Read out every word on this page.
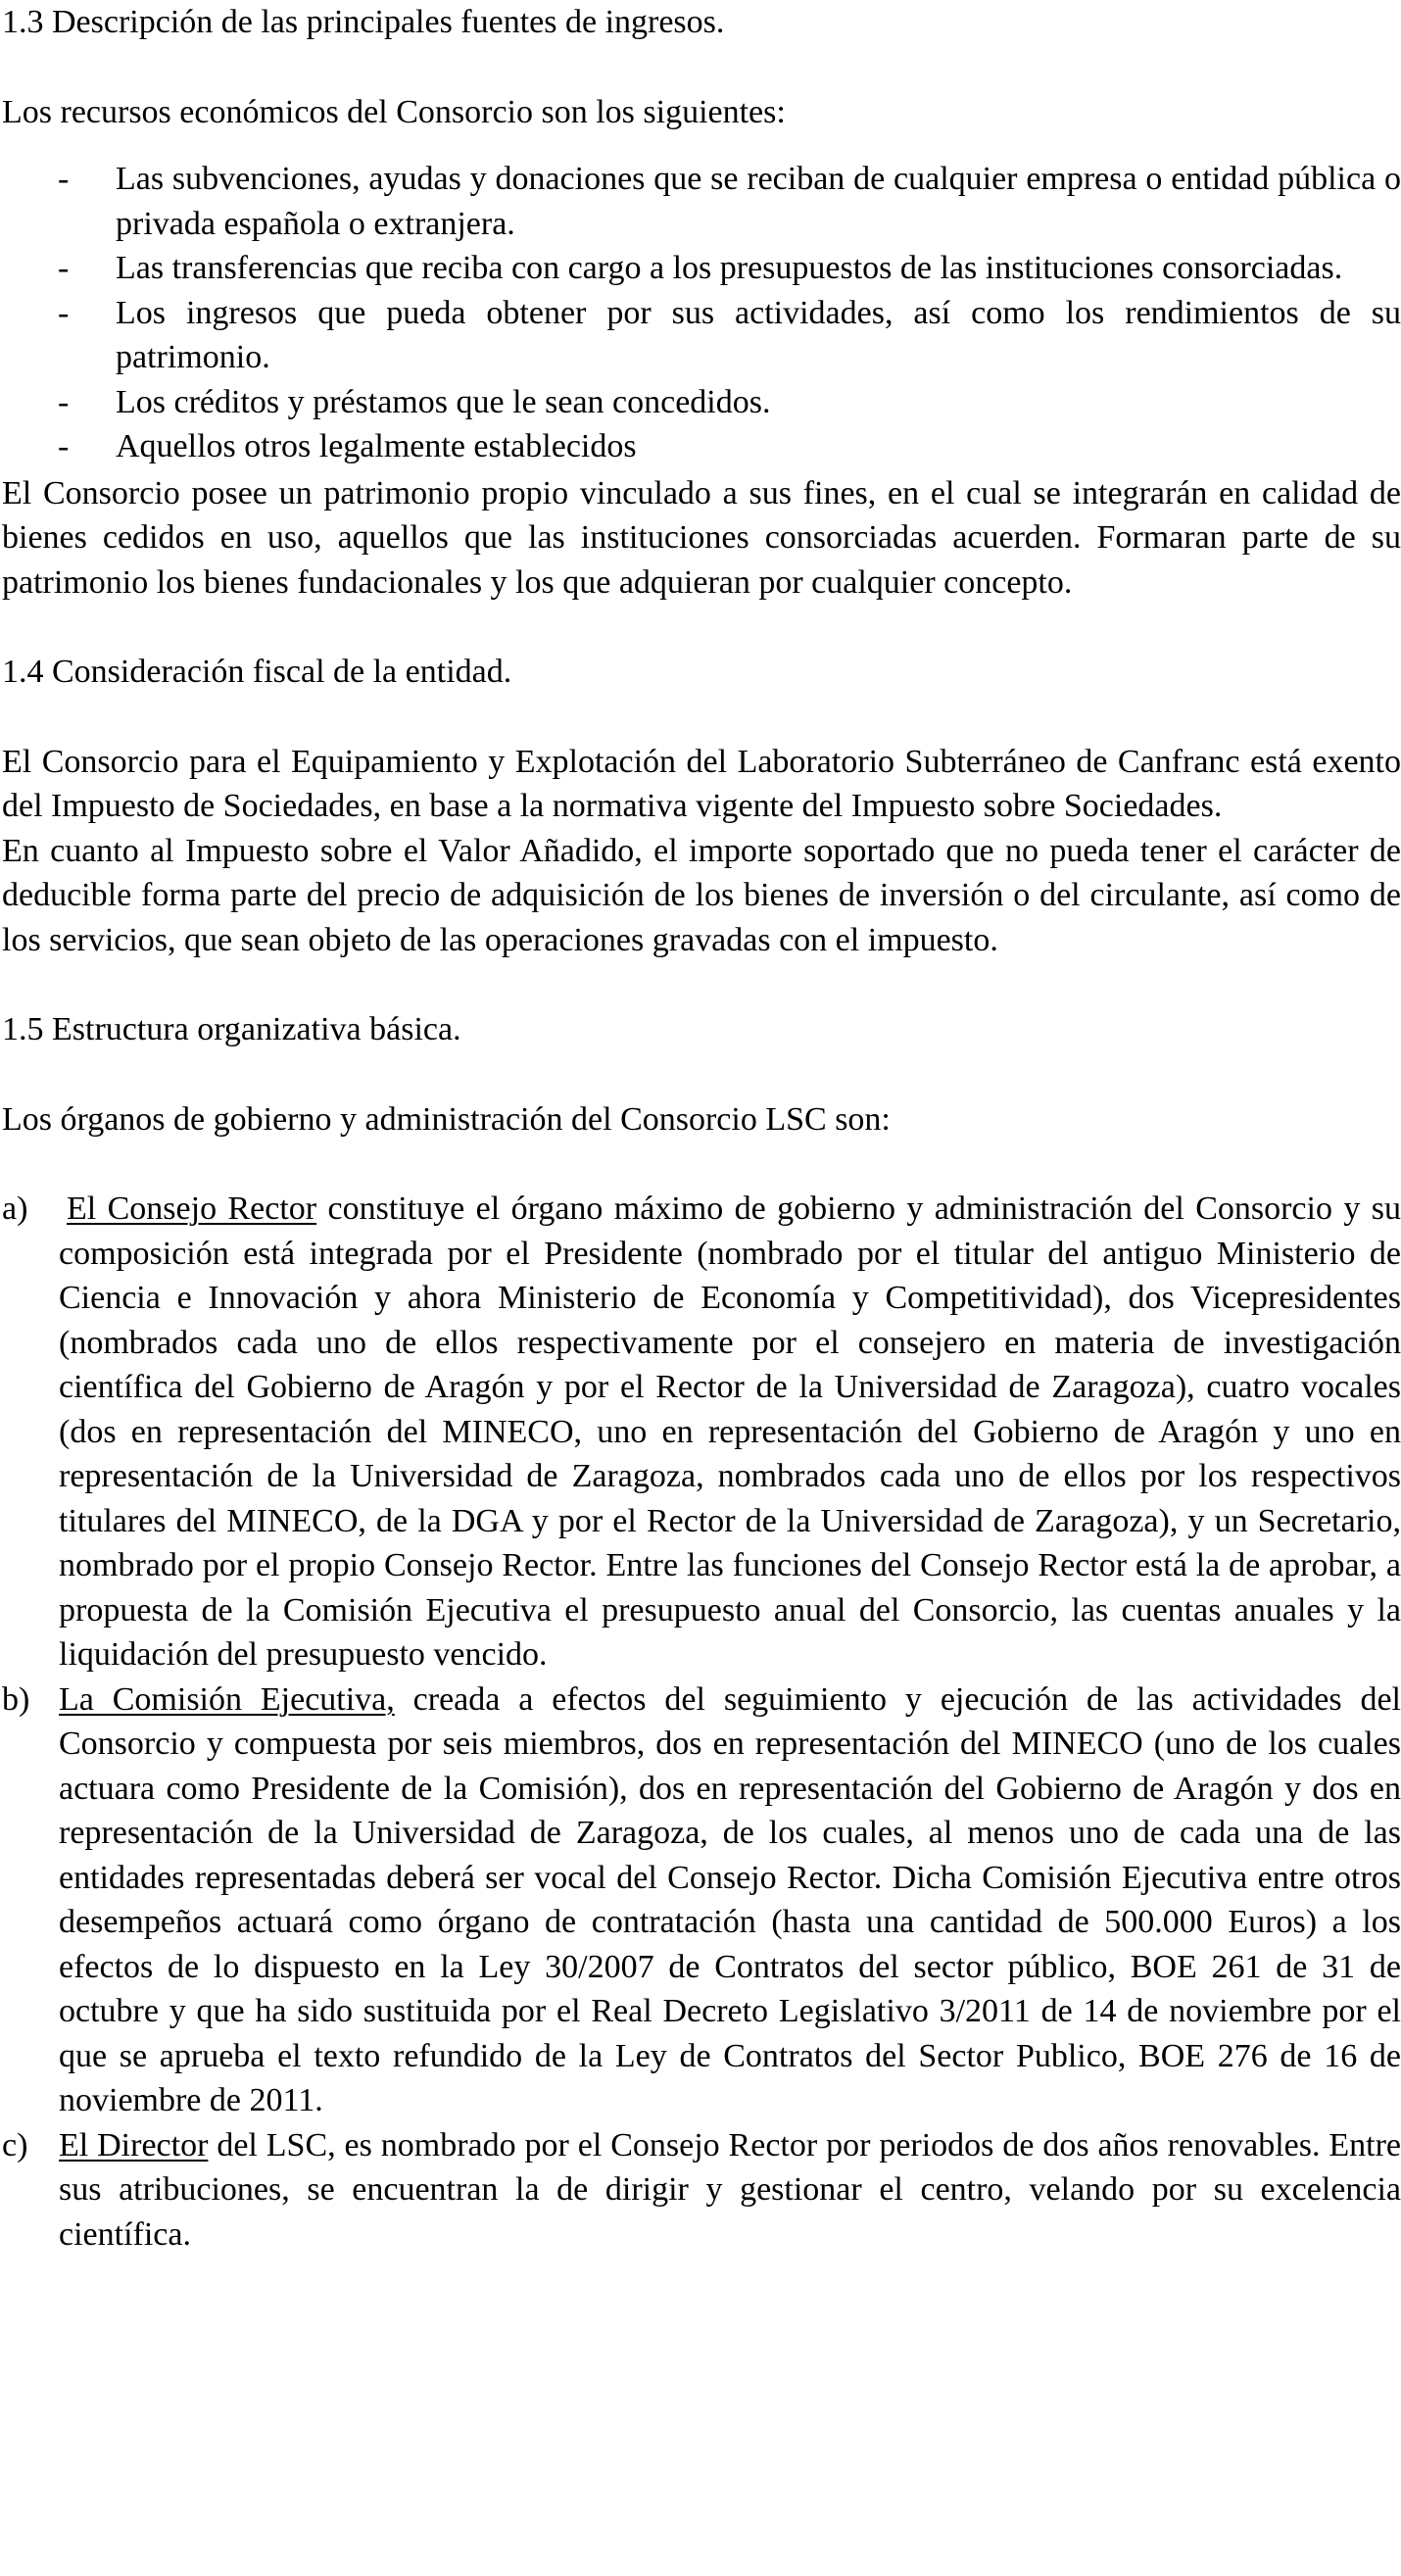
1.3 Descripción de las principales fuentes de ingresos.
Los recursos económicos del Consorcio son los siguientes:
- Las subvenciones, ayudas y donaciones que se reciban de cualquier empresa o entidad pública o privada española o extranjera.
- Las transferencias que reciba con cargo a los presupuestos de las instituciones consorciadas.
- Los ingresos que pueda obtener por sus actividades, así como los rendimientos de su patrimonio.
- Los créditos y préstamos que le sean concedidos.
- Aquellos otros legalmente establecidos
El Consorcio posee un patrimonio propio vinculado a sus fines, en el cual se integrarán en calidad de bienes cedidos en uso, aquellos que las instituciones consorciadas acuerden. Formaran parte de su patrimonio los bienes fundacionales y los que adquieran por cualquier concepto.
1.4 Consideración fiscal de la entidad.
El Consorcio para el Equipamiento y Explotación del Laboratorio Subterráneo de Canfranc está exento del Impuesto de Sociedades, en base a la normativa vigente del Impuesto sobre Sociedades.
En cuanto al Impuesto sobre el Valor Añadido, el importe soportado que no pueda tener el carácter de deducible forma parte del precio de adquisición de los bienes de inversión o del circulante, así como de los servicios, que sean objeto de las operaciones gravadas con el impuesto.
1.5 Estructura organizativa básica.
Los órganos de gobierno y administración del Consorcio LSC son:
a) El Consejo Rector constituye el órgano máximo de gobierno y administración del Consorcio y su composición está integrada por el Presidente (nombrado por el titular del antiguo Ministerio de Ciencia e Innovación y ahora Ministerio de Economía y Competitividad), dos Vicepresidentes (nombrados cada uno de ellos respectivamente por el consejero en materia de investigación científica del Gobierno de Aragón y por el Rector de la Universidad de Zaragoza), cuatro vocales (dos en representación del MINECO, uno en representación del Gobierno de Aragón y uno en representación de la Universidad de Zaragoza, nombrados cada uno de ellos por los respectivos titulares del MINECO, de la DGA y por el Rector de la Universidad de Zaragoza), y un Secretario, nombrado por el propio Consejo Rector. Entre las funciones del Consejo Rector está la de aprobar, a propuesta de la Comisión Ejecutiva el presupuesto anual del Consorcio, las cuentas anuales y la liquidación del presupuesto vencido.
b) La Comisión Ejecutiva, creada a efectos del seguimiento y ejecución de las actividades del Consorcio y compuesta por seis miembros, dos en representación del MINECO (uno de los cuales actuara como Presidente de la Comisión), dos en representación del Gobierno de Aragón y dos en representación de la Universidad de Zaragoza, de los cuales, al menos uno de cada una de las entidades representadas deberá ser vocal del Consejo Rector. Dicha Comisión Ejecutiva entre otros desempeños actuará como órgano de contratación (hasta una cantidad de 500.000 Euros) a los efectos de lo dispuesto en la Ley 30/2007 de Contratos del sector público, BOE 261 de 31 de octubre y que ha sido sustituida por el Real Decreto Legislativo 3/2011 de 14 de noviembre por el que se aprueba el texto refundido de la Ley de Contratos del Sector Publico, BOE 276 de 16 de noviembre de 2011.
c) El Director del LSC, es nombrado por el Consejo Rector por periodos de dos años renovables. Entre sus atribuciones, se encuentran la de dirigir y gestionar el centro, velando por su excelencia científica.
